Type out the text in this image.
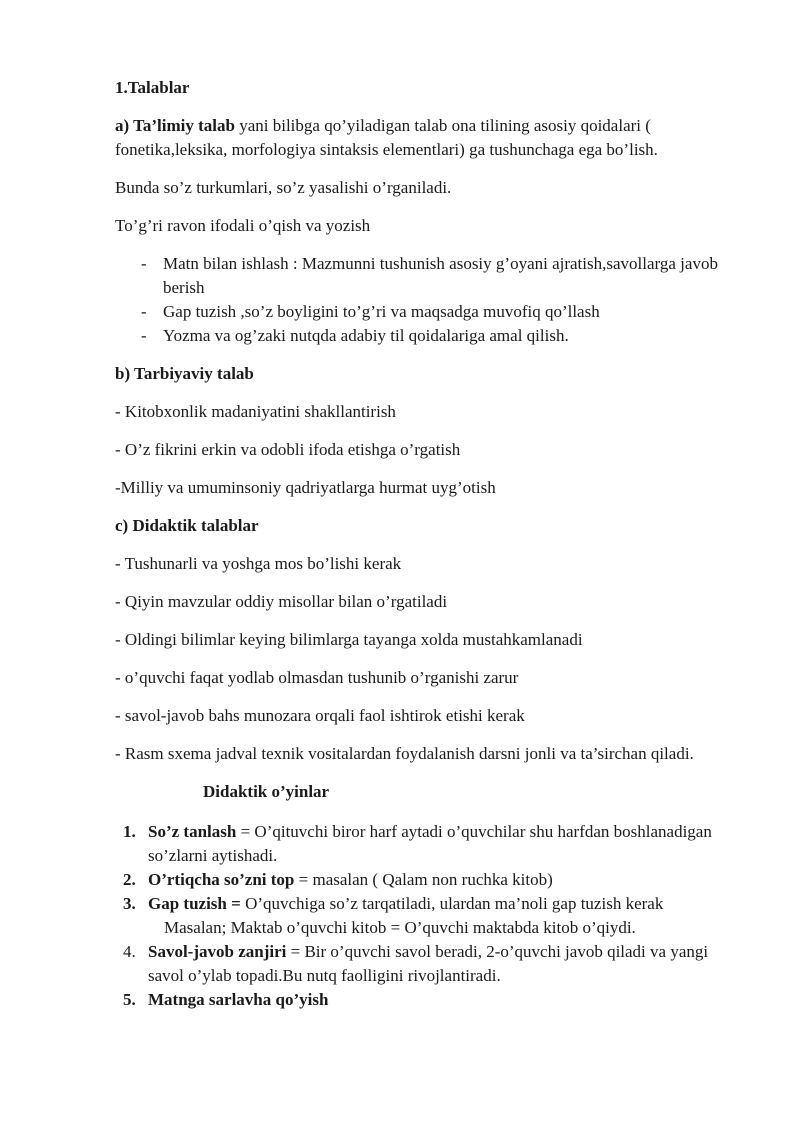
1.Talablar

a) Ta’limiy talab yani bilibga qo’yiladigan talab ona tilining asosiy qoidalari ( fonetika,leksika, morfologiya sintaksis elementlari) ga tushunchaga ega bo’lish.

Bunda so’z turkumlari, so’z yasalishi o’rganiladi.

To’g’ri ravon ifodali o’qish va yozish

- Matn bilan ishlash : Mazmunni tushunish asosiy g’oyani ajratish,savollarga javob berish
- Gap tuzish ,so’z boyligini to’g’ri va maqsadga muvofiq qo’llash
- Yozma va og’zaki nutqda adabiy til qoidalariga amal qilish.

b) Tarbiyaviy talab

- Kitobxonlik madaniyatini shakllantirish

- O’z fikrini erkin va odobli ifoda etishga o’rgatish

-Milliy va umuminsoniy qadriyatlarga hurmat uyg’otish

c) Didaktik talablar

- Tushunarli va yoshga mos bo’lishi kerak

- Qiyin mavzular oddiy misollar bilan o’rgatiladi

- Oldingi bilimlar keying bilimlarga tayanga xolda mustahkamlanadi

- o’quvchi faqat yodlab olmasdan tushunib o’rganishi zarur

- savol-javob bahs munozara orqali faol ishtirok etishi kerak

- Rasm sxema jadval texnik vositalardan foydalanish darsni jonli va ta’sirchan qiladi.

Didaktik o’yinlar

1. So’z tanlash = O’qituvchi biror harf aytadi o’quvchilar shu harfdan boshlanadigan so’zlarni aytishadi.
2. O’rtiqcha so’zni top = masalan ( Qalam non ruchka kitob)
3. Gap tuzish = O’quvchiga so’z tarqatiladi, ulardan ma’noli gap tuzish kerak
Masalan; Maktab o’quvchi kitob = O’quvchi maktabda kitob o’qiydi.
4. Savol-javob zanjiri = Bir o’quvchi savol beradi, 2-o’quvchi javob qiladi va yangi savol o’ylab topadi.Bu nutq faolligini rivojlantiradi.
5. Matnga sarlavha qo’yish
